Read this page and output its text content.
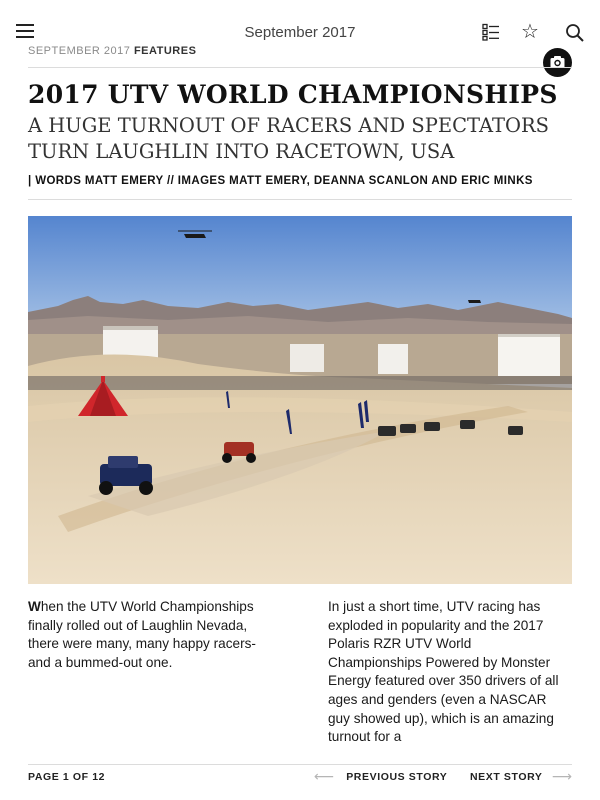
September 2017	☆
SEPTEMBER 2017 FEATURES
2017 UTV WORLD CHAMPIONSHIPS
A HUGE TURNOUT OF RACERS AND SPECTATORS TURN LAUGHLIN INTO RACETOWN, USA
| WORDS MATT EMERY // IMAGES MATT EMERY, DEANNA SCANLON AND ERIC MINKS
When the UTV World Championships finally rolled out of Laughlin Nevada, there were many, many happy racers-and a bummed-out one.
In just a short time, UTV racing has exploded in popularity and the 2017 Polaris RZR UTV World Championships Powered by Monster Energy featured over 350 drivers of all ages and genders (even a NASCAR guy showed up), which is an amazing turnout for a
PAGE 1 OF 12	⟵ PREVIOUS STORY NEXT STORY ⟶
